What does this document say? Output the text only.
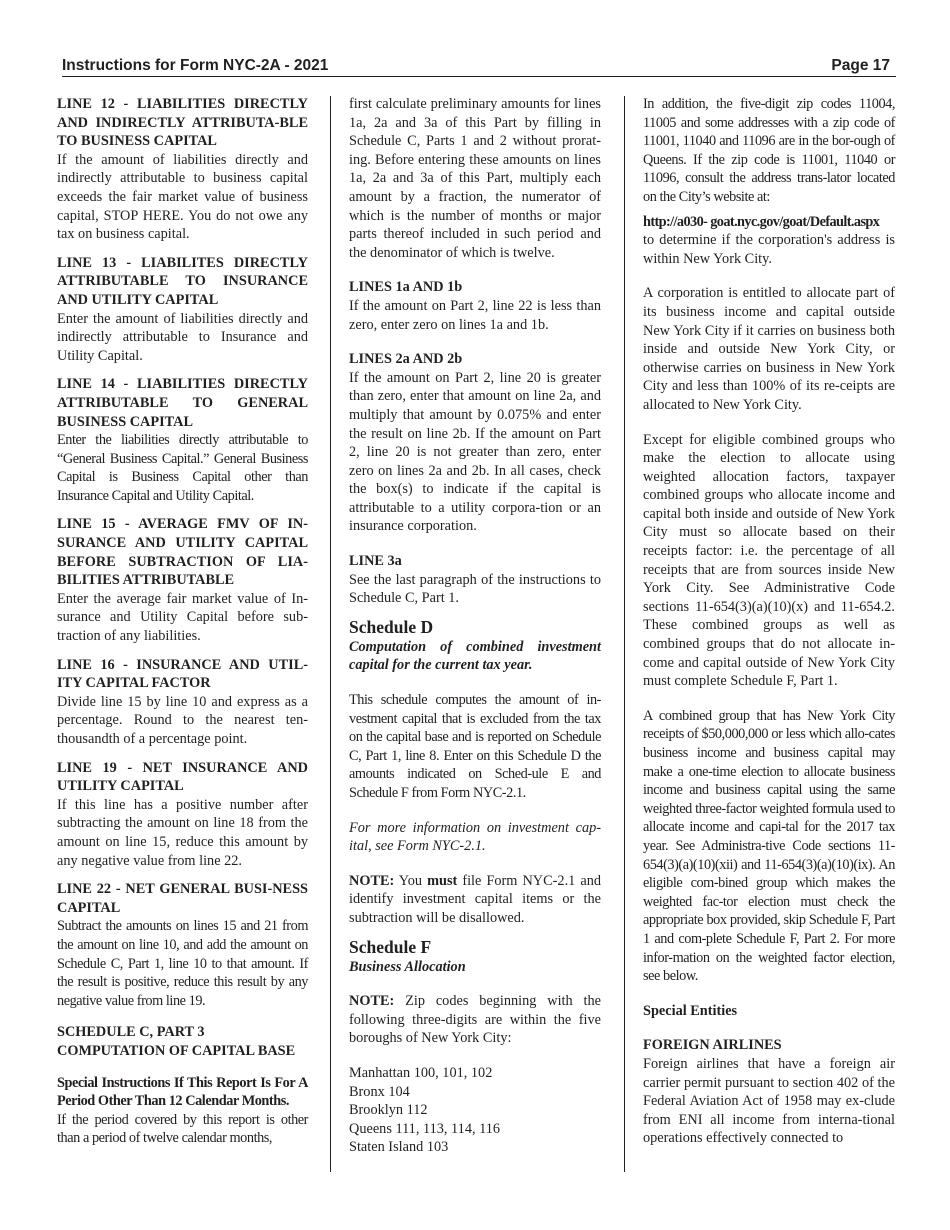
Instructions for Form NYC-2A - 2021	Page 17

LINE 12 - LIABILITIES DIRECTLY AND INDIRECTLY ATTRIBUTA-BLE TO BUSINESS CAPITAL

If the amount of liabilities directly and indirectly attributable to business capital exceeds the fair market value of business capital, STOP HERE. You do not owe any tax on business capital.

LINE 13 - LIABILITES DIRECTLY ATTRIBUTABLE TO INSURANCE AND UTILITY CAPITAL

Enter the amount of liabilities directly and indirectly attributable to Insurance and Utility Capital.

LINE 14 - LIABILITIES DIRECTLY ATTRIBUTABLE TO GENERAL BUSINESS CAPITAL

Enter the liabilities directly attributable to “General Business Capital.” General Business Capital is Business Capital other than Insurance Capital and Utility Capital.

LINE 15 - AVERAGE FMV OF IN-SURANCE AND UTILITY CAPITAL BEFORE SUBTRACTION OF LIA-BILITIES ATTRIBUTABLE

Enter the average fair market value of In-surance and Utility Capital before sub-traction of any liabilities.

LINE 16 - INSURANCE AND UTIL-ITY CAPITAL FACTOR

Divide line 15 by line 10 and express as a percentage. Round to the nearest ten-thousandth of a percentage point.

LINE 19 - NET INSURANCE AND UTILITY CAPITAL

If this line has a positive number after subtracting the amount on line 18 from the amount on line 15, reduce this amount by any negative value from line 22.

LINE 22 - NET GENERAL BUSI-NESS CAPITAL

Subtract the amounts on lines 15 and 21 from the amount on line 10, and add the amount on Schedule C, Part 1, line 10 to that amount. If the result is positive, reduce this result by any negative value from line 19.

SCHEDULE C, PART 3 COMPUTATION OF CAPITAL BASE

Special Instructions If This Report Is For A Period Other Than 12 Calendar Months.

If the period covered by this report is other than a period of twelve calendar months,

first calculate preliminary amounts for lines 1a, 2a and 3a of this Part by filling in Schedule C, Parts 1 and 2 without prorat-ing. Before entering these amounts on lines 1a, 2a and 3a of this Part, multiply each amount by a fraction, the numerator of which is the number of months or major parts thereof included in such period and the denominator of which is twelve.

LINES 1a AND 1b

If the amount on Part 2, line 22 is less than zero, enter zero on lines 1a and 1b.

LINES 2a AND 2b

If the amount on Part 2, line 20 is greater than zero, enter that amount on line 2a, and multiply that amount by 0.075% and enter the result on line 2b. If the amount on Part 2, line 20 is not greater than zero, enter zero on lines 2a and 2b. In all cases, check the box(s) to indicate if the capital is attributable to a utility corpora-tion or an insurance corporation.

LINE 3a

See the last paragraph of the instructions to Schedule C, Part 1.

Schedule D

Computation of combined investment capital for the current tax year.

This schedule computes the amount of in-vestment capital that is excluded from the tax on the capital base and is reported on Schedule C, Part 1, line 8. Enter on this Schedule D the amounts indicated on Sched-ule E and Schedule F from Form NYC-2.1.

For more information on investment cap-ital, see Form NYC-2.1.

NOTE: You must file Form NYC-2.1 and identify investment capital items or the subtraction will be disallowed.

Schedule F

Business Allocation

NOTE: Zip codes beginning with the following three-digits are within the five boroughs of New York City:

Manhattan 100, 101, 102

Bronx 104

Brooklyn 112

Queens 111, 113, 114, 116

Staten Island 103

In addition, the five-digit zip codes 11004, 11005 and some addresses with a zip code of 11001, 11040 and 11096 are in the bor-ough of Queens. If the zip code is 11001, 11040 or 11096, consult the address trans-lator located on the City’s website at:

http://a030- goat.nyc.gov/goat/Default.aspx

to determine if the corporation's address is within New York City.

A corporation is entitled to allocate part of its business income and capital outside New York City if it carries on business both inside and outside New York City, or otherwise carries on business in New York City and less than 100% of its re-ceipts are allocated to New York City.

Except for eligible combined groups who make the election to allocate using weighted allocation factors, taxpayer combined groups who allocate income and capital both inside and outside of New York City must so allocate based on their receipts factor: i.e. the percentage of all receipts that are from sources inside New York City. See Administrative Code sections 11-654(3)(a)(10)(x) and 11-654.2. These combined groups as well as combined groups that do not allocate in-come and capital outside of New York City must complete Schedule F, Part 1.

A combined group that has New York City receipts of $50,000,000 or less which allo-cates business income and business capital may make a one-time election to allocate business income and business capital using the same weighted three-factor weighted formula used to allocate income and capi-tal for the 2017 tax year. See Administra-tive Code sections 11-654(3)(a)(10)(xii) and 11-654(3)(a)(10)(ix). An eligible com-bined group which makes the weighted fac-tor election must check the appropriate box provided, skip Schedule F, Part 1 and com-plete Schedule F, Part 2. For more infor-mation on the weighted factor election, see below.

Special Entities

FOREIGN AIRLINES

Foreign airlines that have a foreign air carrier permit pursuant to section 402 of the Federal Aviation Act of 1958 may ex-clude from ENI all income from interna-tional operations effectively connected to
